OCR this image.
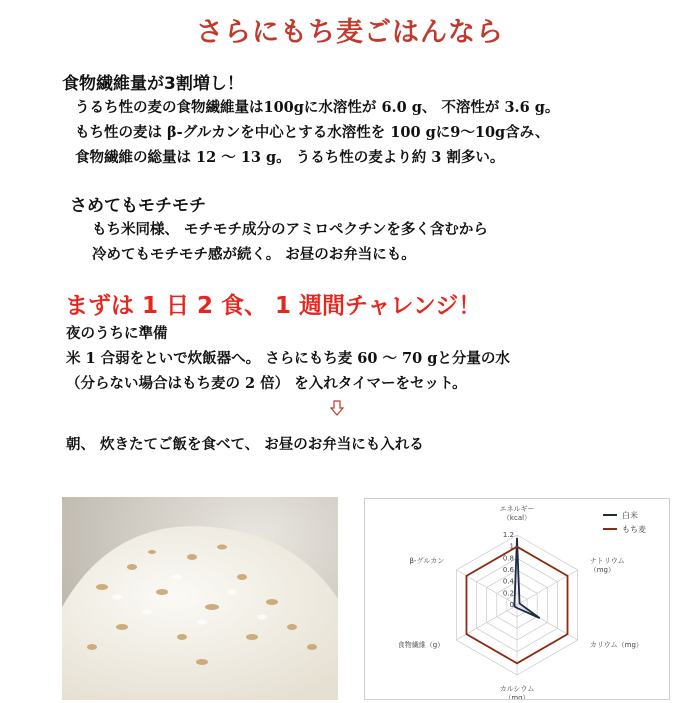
さらにもち麦ごはんなら
食物繊維量が3割増し！
うるち性の麦の食物繊維量は100gに水溶性が 6.0 g、 不溶性が 3.6 g。
もち性の麦は β‐グルカンを中心とする水溶性を 100 gに9～10g含み、
食物繊維の総量は 12 ～ 13 g。 うるち性の麦より約 3 割多い。
さめてもモチモチ
もち米同様、 モチモチ成分のアミロペクチンを多く含むから
冷めてもモチモチ感が続く。 お昼のお弁当にも。
まずは 1 日 2 食、 1 週間チャレンジ！
夜のうちに準備
米 1 合弱をといで炊飯器へ。 さらにもち麦 60 ～ 70 gと分量の水
（分らない場合はもち麦の 2 倍） を入れタイマーをセット。
朝、 炊きたてご飯を食べて、 お昼のお弁当にも入れる
0
0.2
0.4
0.6
0.8
1
1.2
エネルギー（kcal）
ナトリウム（mg）
カリウム（mg）
カルシウム（mg）
食物繊維（g）
β-グルカン
白米
もち麦
